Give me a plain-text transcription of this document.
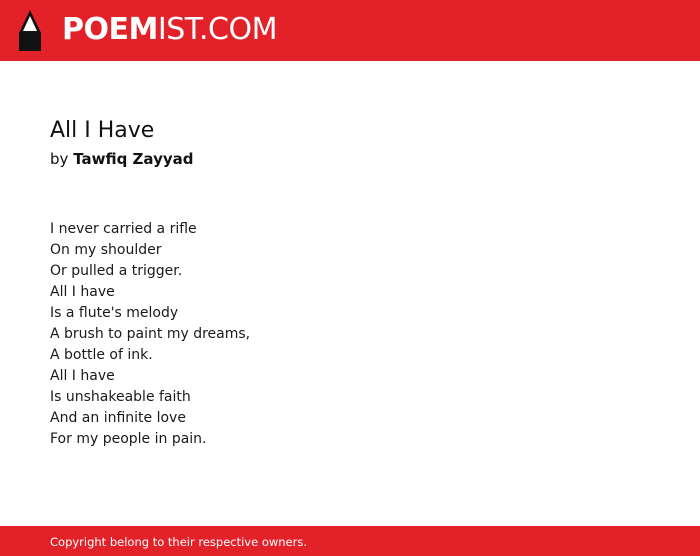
POEMIST.COM
All I Have
by Tawfiq Zayyad
I never carried a rifle
On my shoulder
Or pulled a trigger.
All I have
Is a flute's melody
A brush to paint my dreams,
A bottle of ink.
All I have
Is unshakeable faith
And an infinite love
For my people in pain.
Copyright belong to their respective owners.
